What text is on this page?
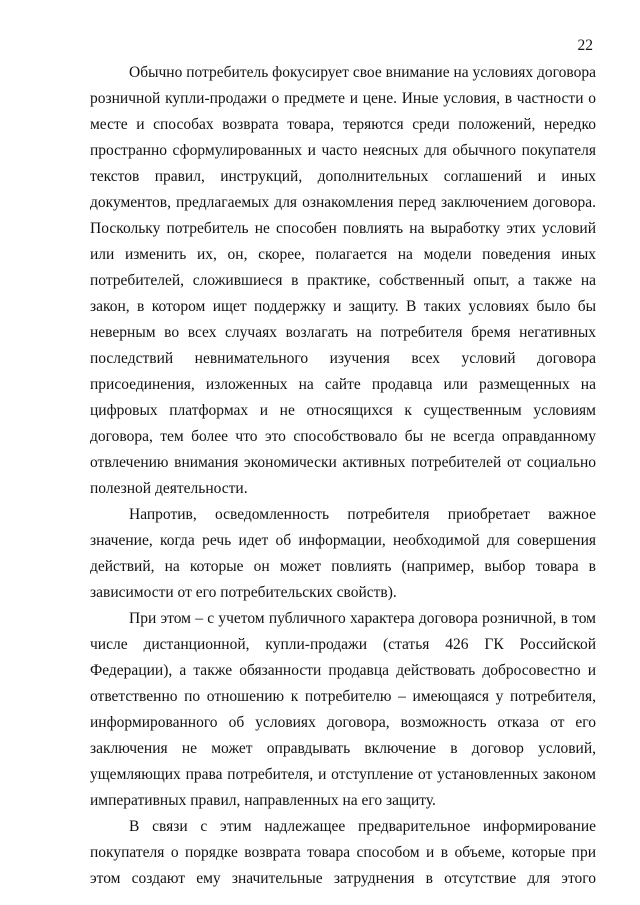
22

Обычно потребитель фокусирует свое внимание на условиях договора розничной купли-продажи о предмете и цене. Иные условия, в частности о месте и способах возврата товара, теряются среди положений, нередко пространно сформулированных и часто неясных для обычного покупателя текстов правил, инструкций, дополнительных соглашений и иных документов, предлагаемых для ознакомления перед заключением договора. Поскольку потребитель не способен повлиять на выработку этих условий или изменить их, он, скорее, полагается на модели поведения иных потребителей, сложившиеся в практике, собственный опыт, а также на закон, в котором ищет поддержку и защиту. В таких условиях было бы неверным во всех случаях возлагать на потребителя бремя негативных последствий невнимательного изучения всех условий договора присоединения, изложенных на сайте продавца или размещенных на цифровых платформах и не относящихся к существенным условиям договора, тем более что это способствовало бы не всегда оправданному отвлечению внимания экономически активных потребителей от социально полезной деятельности.

Напротив, осведомленность потребителя приобретает важное значение, когда речь идет об информации, необходимой для совершения действий, на которые он может повлиять (например, выбор товара в зависимости от его потребительских свойств).

При этом – с учетом публичного характера договора розничной, в том числе дистанционной, купли-продажи (статья 426 ГК Российской Федерации), а также обязанности продавца действовать добросовестно и ответственно по отношению к потребителю – имеющаяся у потребителя, информированного об условиях договора, возможность отказа от его заключения не может оправдывать включение в договор условий, ущемляющих права потребителя, и отступление от установленных законом императивных правил, направленных на его защиту.

В связи с этим надлежащее предварительное информирование покупателя о порядке возврата товара способом и в объеме, которые при этом создают ему значительные затруднения в отсутствие для этого
